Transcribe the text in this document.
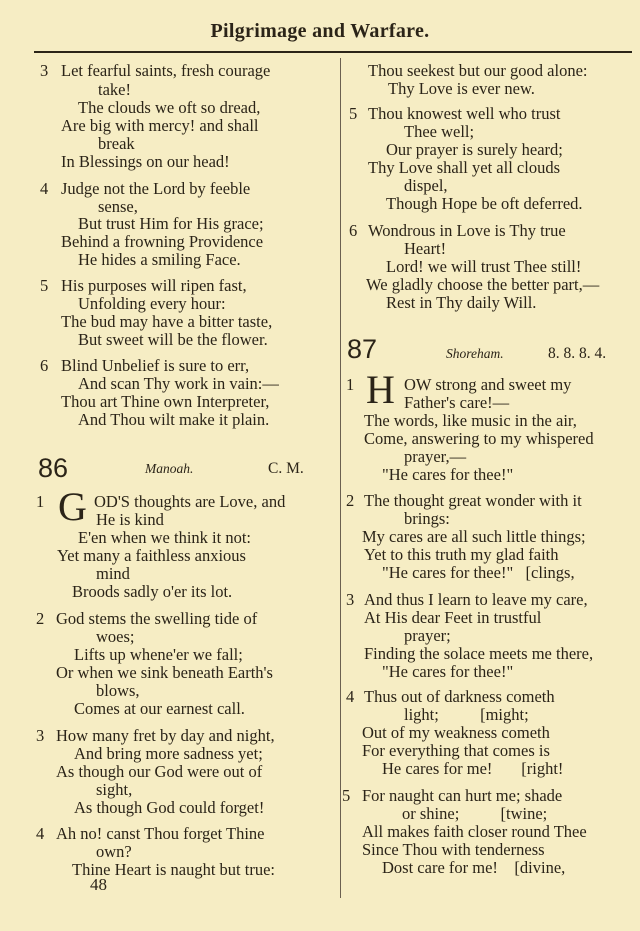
Pilgrimage and Warfare.
3 Let fearful saints, fresh courage
take!
The clouds we oft so dread,
Are big with mercy! and shall
break
In Blessings on our head!
4 Judge not the Lord by feeble
sense,
But trust Him for His grace;
Behind a frowning Providence
He hides a smiling Face.
5 His purposes will ripen fast,
Unfolding every hour:
The bud may have a bitter taste,
But sweet will be the flower.
6 Blind Unbelief is sure to err,
And scan Thy work in vain:—
Thou art Thine own Interpreter,
And Thou wilt make it plain.
86	Manoah.	C. M.
1 G OD'S thoughts are Love, and
He is kind
E'en when we think it not:
Yet many a faithless anxious
mind
Broods sadly o'er its lot.
2 God stems the swelling tide of
woes;
Lifts up whene'er we fall;
Or when we sink beneath Earth's
blows,
Comes at our earnest call.
3 How many fret by day and night,
And bring more sadness yet;
As though our God were out of
sight,
As though God could forget!
4 Ah no! canst Thou forget Thine
own?
Thine Heart is naught but true:
Thou seekest but our good alone:
Thy Love is ever new.
5 Thou knowest well who trust
Thee well;
Our prayer is surely heard;
Thy Love shall yet all clouds
dispel,
Though Hope be oft deferred.
6 Wondrous in Love is Thy true
Heart!
Lord! we will trust Thee still!
We gladly choose the better part,—
Rest in Thy daily Will.
87	Shoreham.	8. 8. 8. 4.
1 H OW strong and sweet my
Father's care!—
The words, like music in the air,
Come, answering to my whispered
prayer,—
"He cares for thee!"
2 The thought great wonder with it
brings:
My cares are all such little things;
Yet to this truth my glad faith
"He cares for thee!"   [clings,
3 And thus I learn to leave my care,
At His dear Feet in trustful
prayer;
Finding the solace meets me there,
"He cares for thee!"
4 Thus out of darkness cometh
light;          [might;
Out of my weakness cometh
For everything that comes is
He cares for me!       [right!
5 For naught can hurt me; shade
or shine;          [twine;
All makes faith closer round Thee
Since Thou with tenderness
Dost care for me!    [divine,
48
